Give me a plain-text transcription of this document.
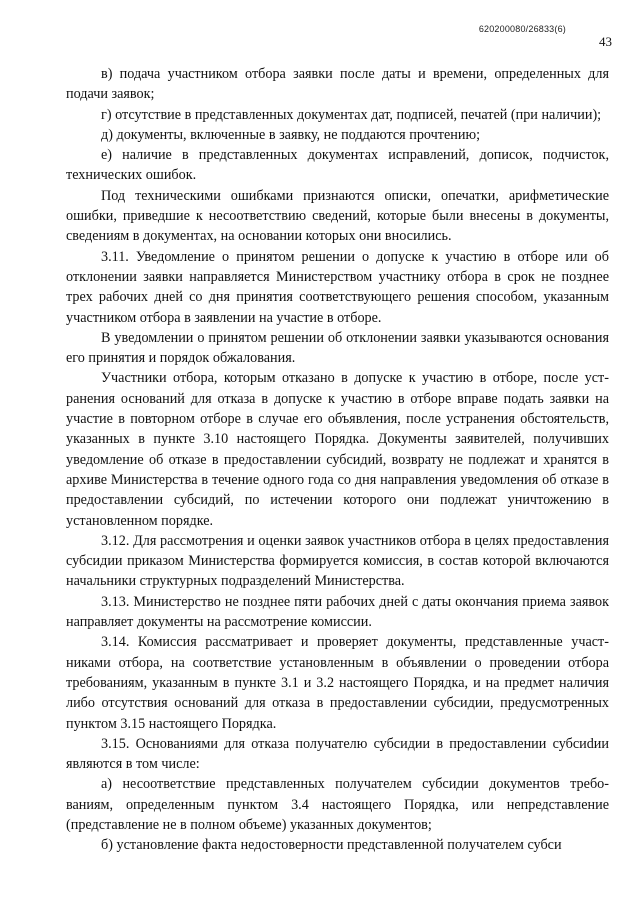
620200080/26833(6)
43

в) подача участником отбора заявки после даты и времени, определенных для подачи заявок;

г) отсутствие в представленных документах дат, подписей, печатей (при наличии);

д) документы, включенные в заявку, не поддаются прочтению;

е) наличие в представленных документах исправлений, дописок, подчисток, технических ошибок.

Под техническими ошибками признаются описки, опечатки, арифметические ошибки, приведшие к несоответствию сведений, которые были внесены в документы, сведениям в документах, на основании которых они вносились.

3.11. Уведомление о принятом решении о допуске к участию в отборе или об отклонении заявки направляется Министерством участнику отбора в срок не позднее трех рабочих дней со дня принятия соответствующего решения способом, указанным участником отбора в заявлении на участие в отборе.

В уведомлении о принятом решении об отклонении заявки указываются основания его принятия и порядок обжалования.

Участники отбора, которым отказано в допуске к участию в отборе, после устранения оснований для отказа в допуске к участию в отборе вправе подать заявки на участие в повторном отборе в случае его объявления, после устранения обстоятельств, указанных в пункте 3.10 настоящего Порядка. Документы заявителей, получивших уведомление об отказе в предоставлении субсидий, возврату не подлежат и хранятся в архиве Министерства в течение одного года со дня направления уведомления об отказе в предоставлении субсидий, по истечении которого они подлежат уничтожению в установленном порядке.

3.12. Для рассмотрения и оценки заявок участников отбора в целях предоставления субсидии приказом Министерства формируется комиссия, в состав которой включаются начальники структурных подразделений Министерства.

3.13. Министерство не позднее пяти рабочих дней с даты окончания приема заявок направляет документы на рассмотрение комиссии.

3.14. Комиссия рассматривает и проверяет документы, представленные участниками отбора, на соответствие установленным в объявлении о проведении отбора требованиям, указанным в пункте 3.1 и 3.2 настоящего Порядка, и на предмет наличия либо отсутствия оснований для отказа в предоставлении субсидии, предусмотренных пунктом 3.15 настоящего Порядка.

3.15. Основаниями для отказа получателю субсидии в предоставлении субсиdии являются в том числе:

а) несоответствие представленных получателем субсидии документов требованиям, определенным пунктом 3.4 настоящего Порядка, или непредставление (представление не в полном объеме) указанных документов;

б) установление факта недостоверности представленной получателем субси
